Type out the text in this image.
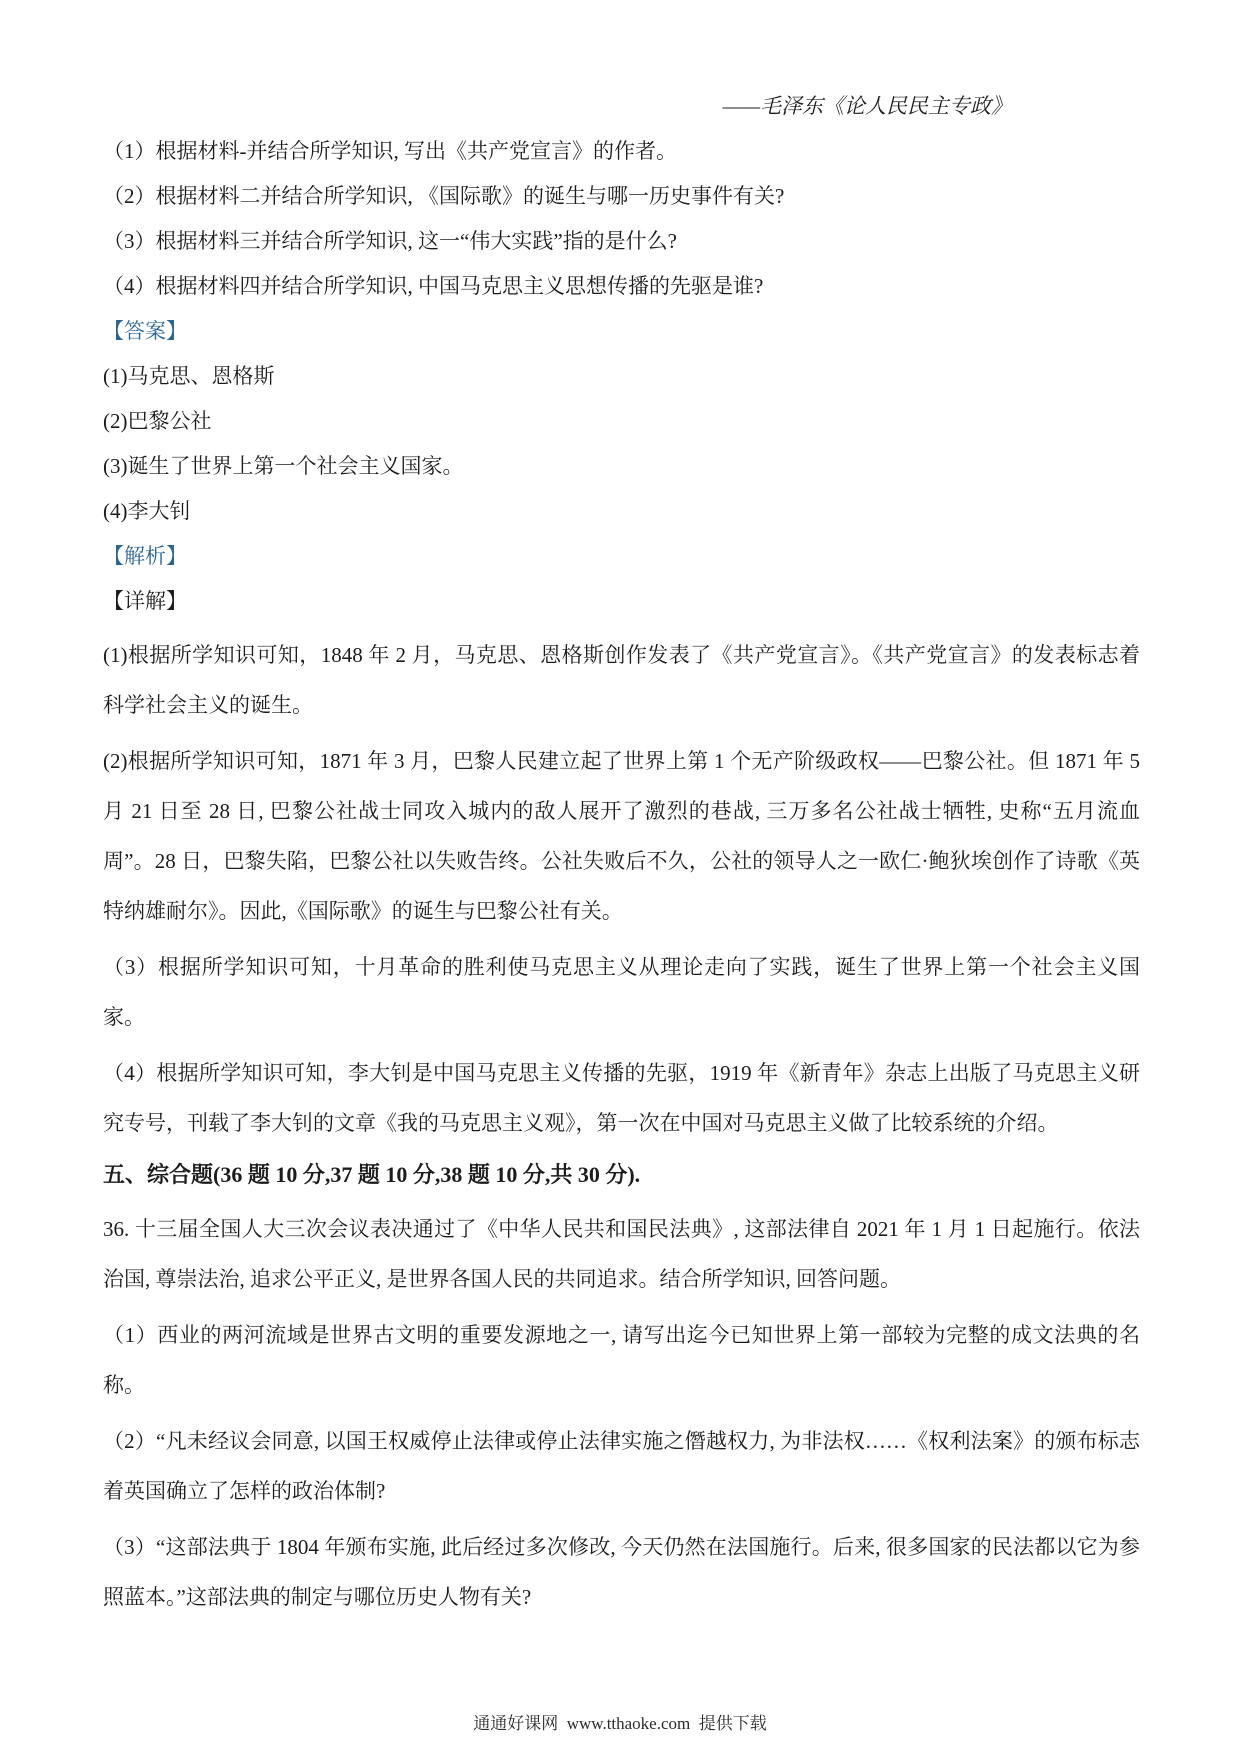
——毛泽东《论人民民主专政》
（1）根据材料-并结合所学知识, 写出《共产党宣言》的作者。
（2）根据材料二并结合所学知识, 《国际歌》的诞生与哪一历史事件有关?
（3）根据材料三并结合所学知识, 这一“伟大实践”指的是什么?
（4）根据材料四并结合所学知识, 中国马克思主义思想传播的先驱是谁?
【答案】
(1)马克思、恩格斯
(2)巴黎公社
(3)诞生了世界上第一个社会主义国家。
(4)李大钊
【解析】
【详解】

(1)根据所学知识可知，1848 年 2 月，马克思、恩格斯创作发表了《共产党宣言》。《共产党宣言》的发表标志着科学社会主义的诞生。

(2)根据所学知识可知，1871 年 3 月，巴黎人民建立起了世界上第 1 个无产阶级政权——巴黎公社。但 1871 年 5 月 21 日至 28 日, 巴黎公社战士同攻入城内的敌人展开了激烈的巷战, 三万多名公社战士牺牲, 史称“五月流血周”。28 日，巴黎失陷，巴黎公社以失败告终。公社失败后不久，公社的领导人之一欧仁·鲍狄埃创作了诗歌《英特纳雄耐尔》。因此,《国际歌》的诞生与巴黎公社有关。

（3）根据所学知识可知，十月革命的胜利使马克思主义从理论走向了实践，诞生了世界上第一个社会主义国家。

（4）根据所学知识可知，李大钊是中国马克思主义传播的先驱，1919 年《新青年》杂志上出版了马克思主义研究专号，刊载了李大钊的文章《我的马克思主义观》，第一次在中国对马克思主义做了比较系统的介绍。

五、综合题(36 题 10 分,37 题 10 分,38 题 10 分,共 30 分).

36. 十三届全国人大三次会议表决通过了《中华人民共和国民法典》, 这部法律自 2021 年 1 月 1 日起施行。依法治国, 尊崇法治, 追求公平正义, 是世界各国人民的共同追求。结合所学知识, 回答问题。

（1）西业的两河流域是世界古文明的重要发源地之一, 请写出迄今已知世界上第一部较为完整的成文法典的名称。

（2）“凡未经议会同意, 以国王权威停止法律或停止法律实施之僭越权力, 为非法权……《权利法案》的颁布标志着英国确立了怎样的政治体制?

（3）“这部法典于 1804 年颁布实施, 此后经过多次修改, 今天仍然在法国施行。后来, 很多国家的民法都以它为参照蓝本。”这部法典的制定与哪位历史人物有关?

通通好课网  www.tthaoke.com  提供下载
